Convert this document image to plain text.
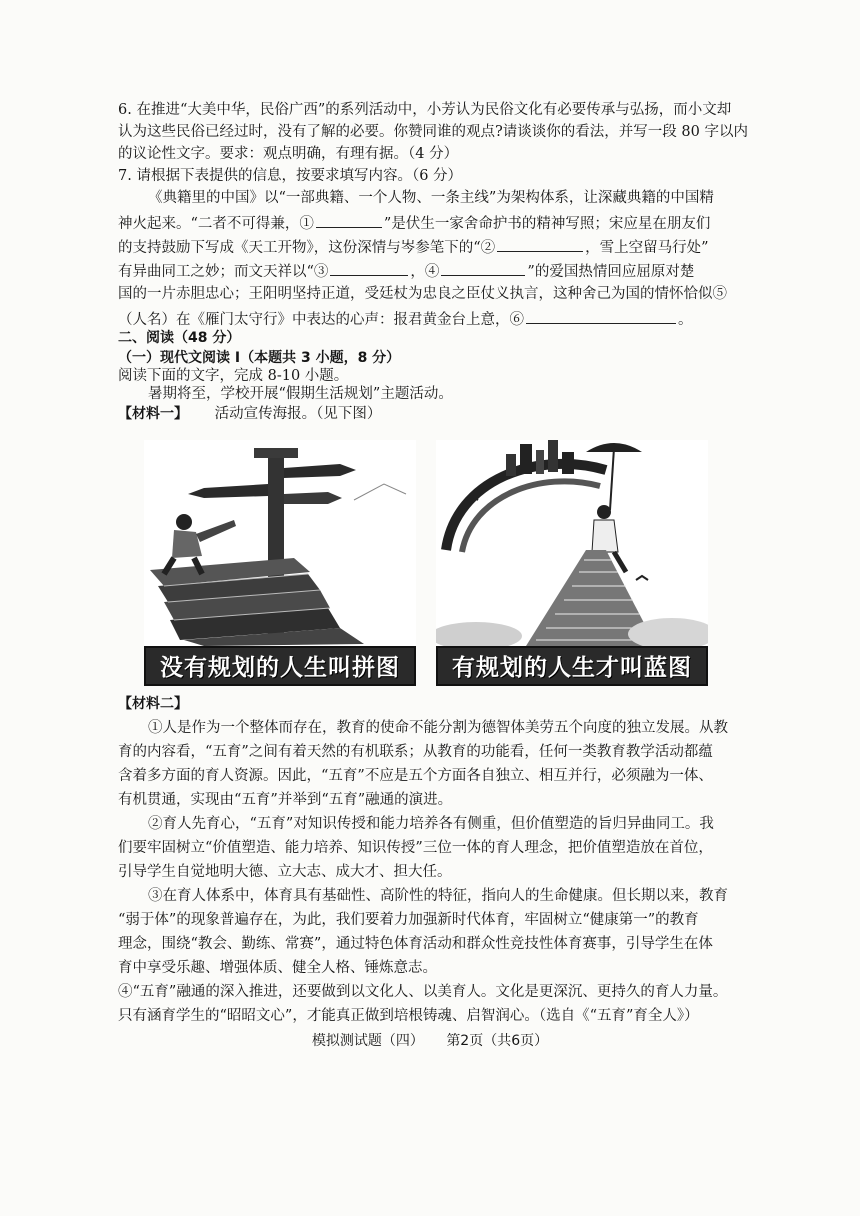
6. 在推进“大美中华，民俗广西”的系列活动中，小芳认为民俗文化有必要传承与弘扬，而小文却
认为这些民俗已经过时，没有了解的必要。你赞同谁的观点?请谈谈你的看法，并写一段 80 字以内
的议论性文字。要求：观点明确，有理有据。（4 分）
7. 请根据下表提供的信息，按要求填写内容。（6 分）
《典籍里的中国》以“一部典籍、一个人物、一条主线”为架构体系，让深藏典籍的中国精
神火起来。“二者不可得兼，①	”是伏生一家舍命护书的精神写照；宋应星在朋友们
的支持鼓励下写成《天工开物》，这份深情与岑参笔下的“②	，雪上空留马行处”
有异曲同工之妙；而文天祥以“③	，④	”的爱国热情回应屈原对楚
国的一片赤胆忠心；王阳明坚持正道，受廷杖为忠良之臣仗义执言，这种舍己为国的情怀恰似⑤
（人名）在《雁门太守行》中表达的心声：报君黄金台上意，⑥	。
二、阅读（48 分）
（一）现代文阅读 I（本题共 3 小题，8 分）
阅读下面的文字，完成 8-10 小题。
暑期将至，学校开展“假期生活规划”主题活动。
【材料一】 活动宣传海报。（见下图）
没有规划的人生叫拼图	有规划的人生才叫蓝图
【材料二】
①人是作为一个整体而存在，教育的使命不能分割为德智体美劳五个向度的独立发展。从教
育的内容看，“五育”之间有着天然的有机联系；从教育的功能看，任何一类教育教学活动都蕴
含着多方面的育人资源。因此，“五育”不应是五个方面各自独立、相互并行，必须融为一体、
有机贯通，实现由“五育”并举到“五育”融通的演进。
②育人先育心，“五育”对知识传授和能力培养各有侧重，但价值塑造的旨归异曲同工。我
们要牢固树立“价值塑造、能力培养、知识传授”三位一体的育人理念，把价值塑造放在首位，
引导学生自觉地明大德、立大志、成大才、担大任。
③在育人体系中，体育具有基础性、高阶性的特征，指向人的生命健康。但长期以来，教育
“弱于体”的现象普遍存在，为此，我们要着力加强新时代体育，牢固树立“健康第一”的教育
理念，围绕“教会、勤练、常赛”，通过特色体育活动和群众性竞技性体育赛事，引导学生在体
育中享受乐趣、增强体质、健全人格、锤炼意志。
④“五育”融通的深入推进，还要做到以文化人、以美育人。文化是更深沉、更持久的育人力量。
只有涵育学生的“昭昭文心”，才能真正做到培根铸魂、启智润心。（选自《“五育”育全人》）
模拟测试题（四） 第2页（共6页）
